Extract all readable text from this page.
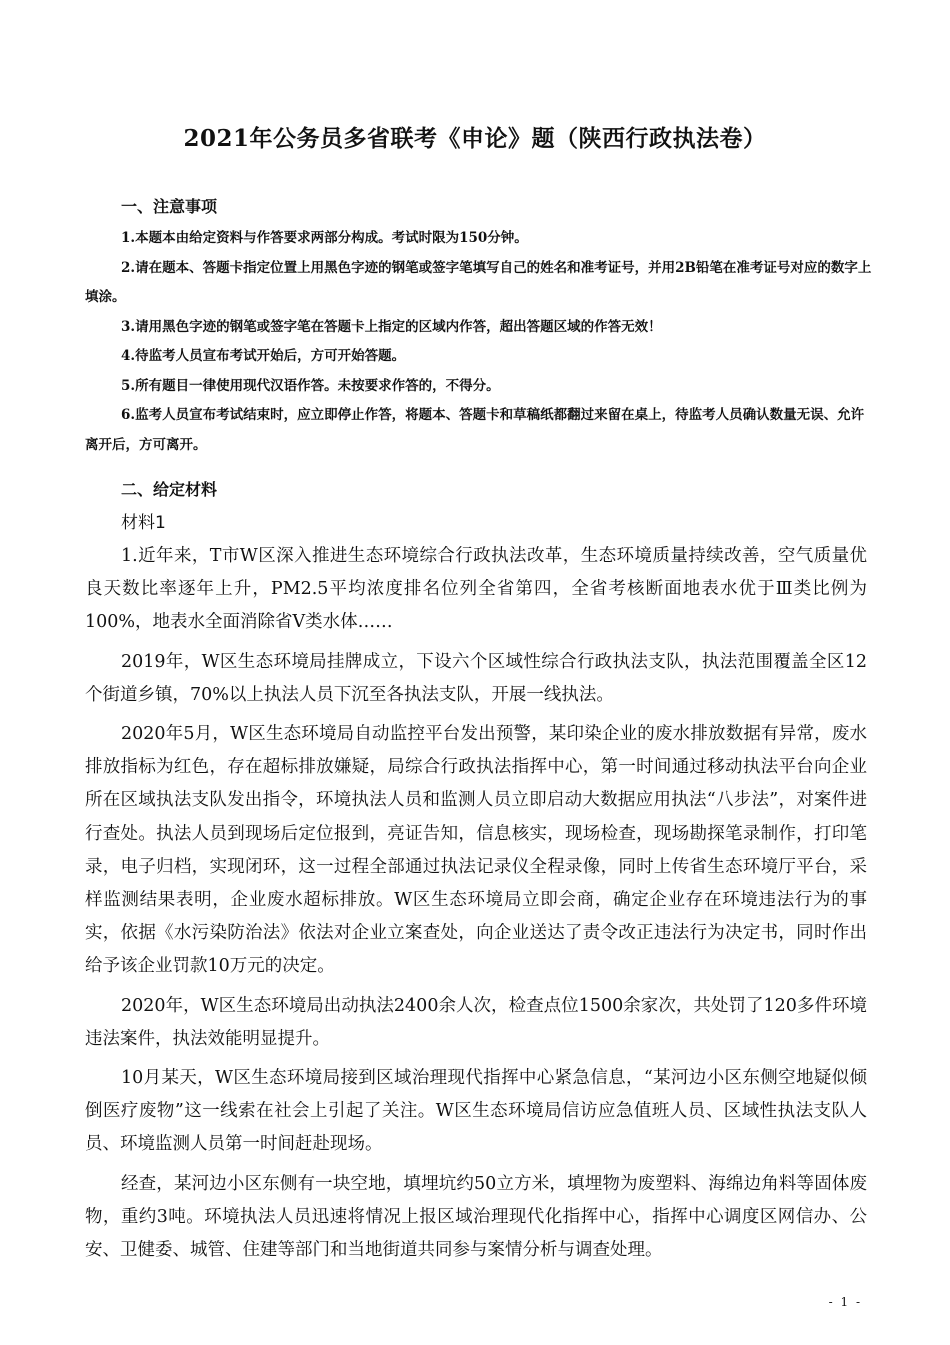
2021年公务员多省联考《申论》题（陕西行政执法卷）
一、注意事项

1.本题本由给定资料与作答要求两部分构成。考试时限为150分钟。

2.请在题本、答题卡指定位置上用黑色字迹的钢笔或签字笔填写自己的姓名和准考证号，并用2B铅笔在准考证号对应的数字上填涂。

3.请用黑色字迹的钢笔或签字笔在答题卡上指定的区域内作答，超出答题区域的作答无效！

4.待监考人员宣布考试开始后，方可开始答题。

5.所有题目一律使用现代汉语作答。未按要求作答的，不得分。

6.监考人员宣布考试结束时，应立即停止作答，将题本、答题卡和草稿纸都翻过来留在桌上，待监考人员确认数量无误、允许离开后，方可离开。

二、给定材料
材料1

1.近年来，T市W区深入推进生态环境综合行政执法改革，生态环境质量持续改善，空气质量优良天数比率逐年上升，PM2.5平均浓度排名位列全省第四，全省考核断面地表水优于Ⅲ类比例为100%，地表水全面消除省Ⅴ类水体……

2019年，W区生态环境局挂牌成立，下设六个区域性综合行政执法支队，执法范围覆盖全区12个街道乡镇，70%以上执法人员下沉至各执法支队，开展一线执法。

2020年5月，W区生态环境局自动监控平台发出预警，某印染企业的废水排放数据有异常，废水排放指标为红色，存在超标排放嫌疑，局综合行政执法指挥中心，第一时间通过移动执法平台向企业所在区域执法支队发出指令，环境执法人员和监测人员立即启动大数据应用执法“八步法”，对案件进行查处。执法人员到现场后定位报到，亮证告知，信息核实，现场检查，现场勘探笔录制作，打印笔录，电子归档，实现闭环，这一过程全部通过执法记录仪全程录像，同时上传省生态环境厅平台，采样监测结果表明，企业废水超标排放。W区生态环境局立即会商，确定企业存在环境违法行为的事实，依据《水污染防治法》依法对企业立案查处，向企业送达了责令改正违法行为决定书，同时作出给予该企业罚款10万元的决定。

2020年，W区生态环境局出动执法2400余人次，检查点位1500余家次，共处罚了120多件环境违法案件，执法效能明显提升。

10月某天，W区生态环境局接到区域治理现代指挥中心紧急信息，“某河边小区东侧空地疑似倾倒医疗废物”这一线索在社会上引起了关注。W区生态环境局信访应急值班人员、区域性执法支队人员、环境监测人员第一时间赶赴现场。

经查，某河边小区东侧有一块空地，填埋坑约50立方米，填埋物为废塑料、海绵边角料等固体废物，重约3吨。环境执法人员迅速将情况上报区域治理现代化指挥中心，指挥中心调度区网信办、公安、卫健委、城管、住建等部门和当地街道共同参与案情分析与调查处理。

- 1 -
